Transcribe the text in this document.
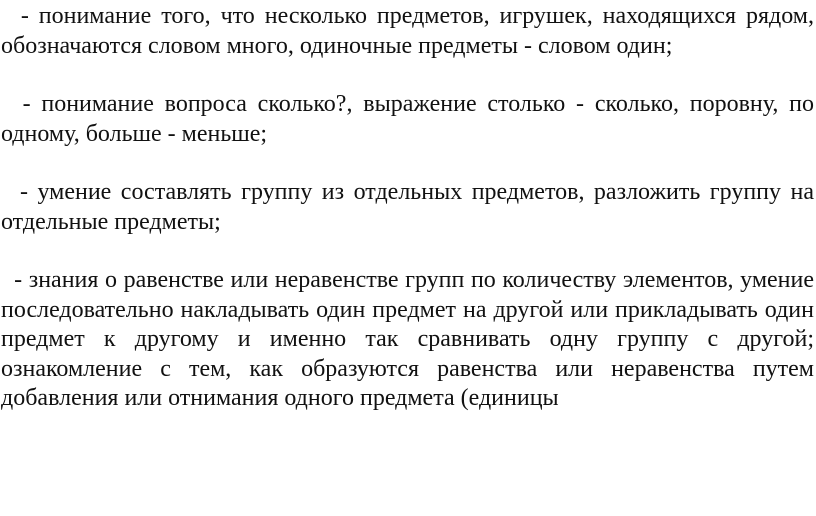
- понимание того, что несколько предметов, игрушек, находящихся рядом, обозначаются словом много, одиночные предметы - словом один;

- понимание вопроса сколько?, выражение столько - сколько, поровну, по одному, больше - меньше;

- умение составлять группу из отдельных предметов, разложить группу на отдельные предметы;

- знания о равенстве или неравенстве групп по количеству элементов, умение последовательно накладывать один предмет на другой или прикладывать один предмет к другому и именно так сравнивать одну группу с другой; ознакомление с тем, как образуются равенства или неравенства путем добавления или отнимания одного предмета (единицы
